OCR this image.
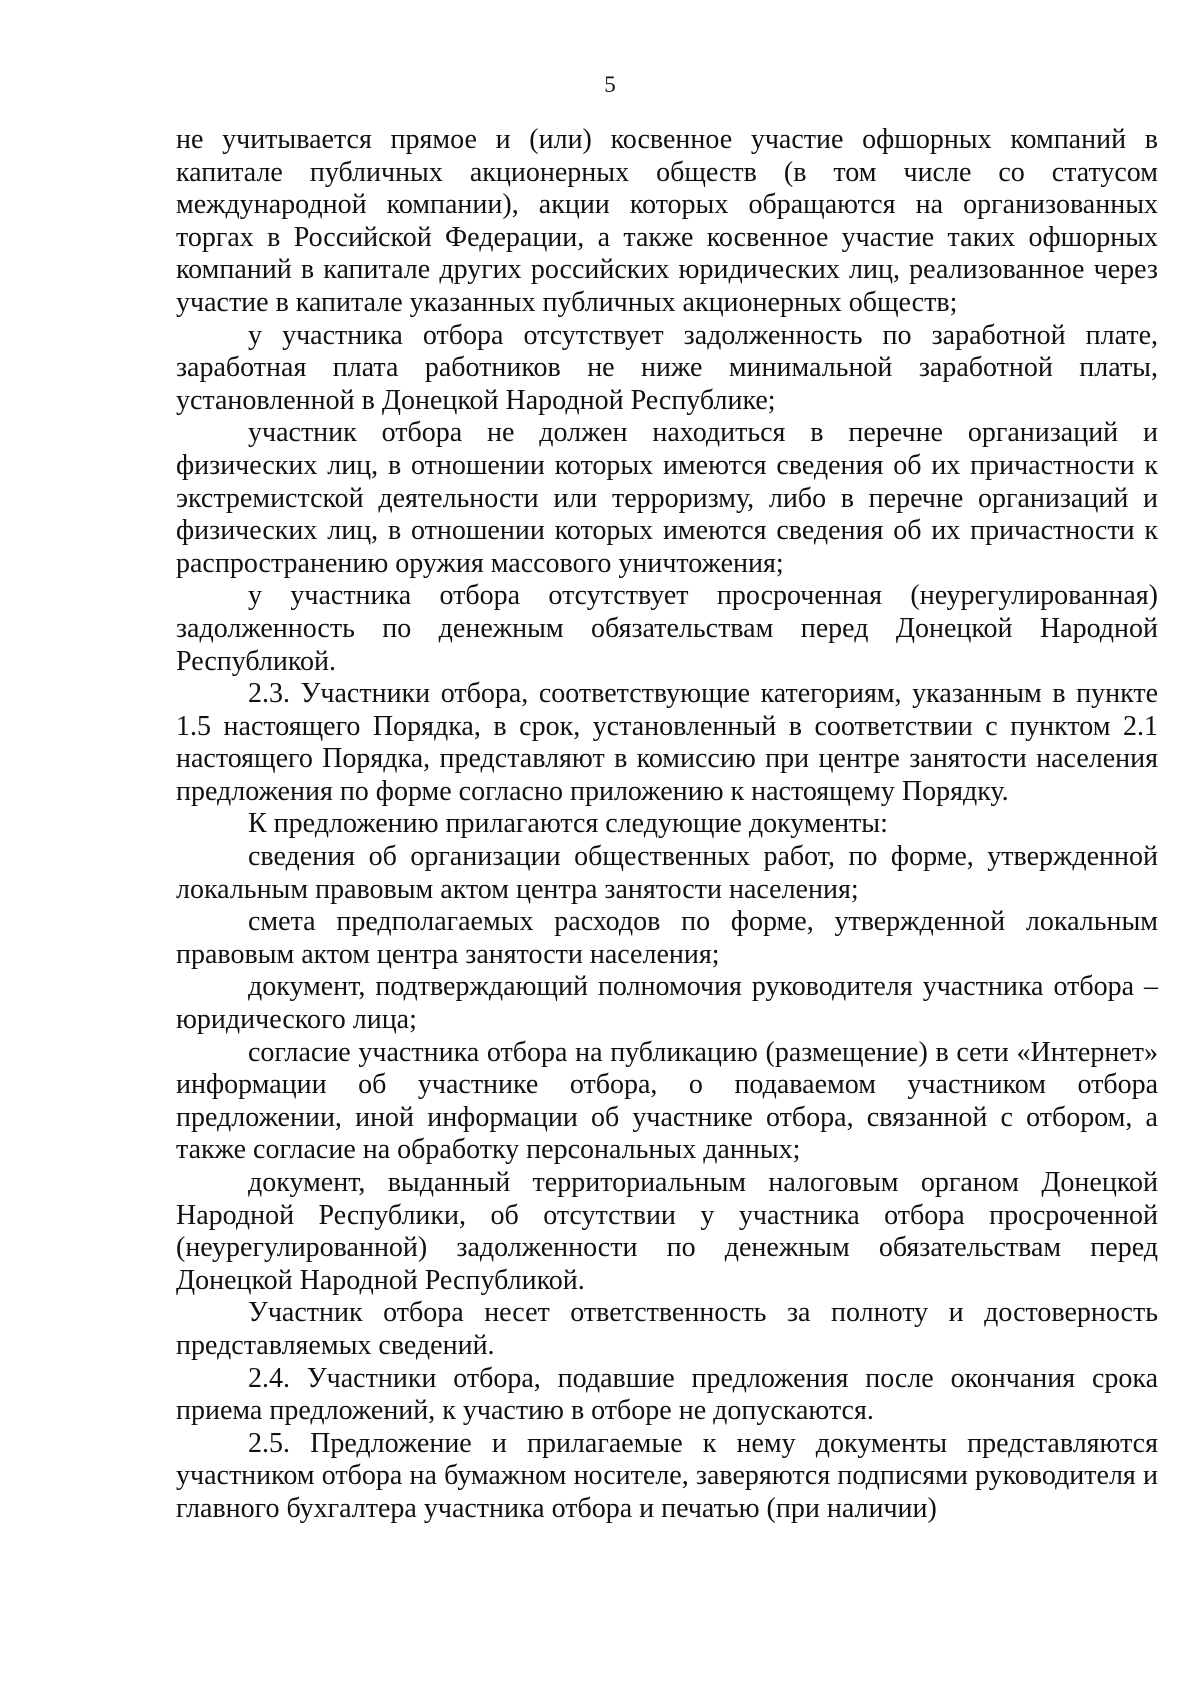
5

не учитывается прямое и (или) косвенное участие офшорных компаний в капитале публичных акционерных обществ (в том числе со статусом международной компании), акции которых обращаются на организованных торгах в Российской Федерации, а также косвенное участие таких офшорных компаний в капитале других российских юридических лиц, реализованное через участие в капитале указанных публичных акционерных обществ;

у участника отбора отсутствует задолженность по заработной плате, заработная плата работников не ниже минимальной заработной платы, установленной в Донецкой Народной Республике;

участник отбора не должен находиться в перечне организаций и физических лиц, в отношении которых имеются сведения об их причастности к экстремистской деятельности или терроризму, либо в перечне организаций и физических лиц, в отношении которых имеются сведения об их причастности к распространению оружия массового уничтожения;

у участника отбора отсутствует просроченная (неурегулированная) задолженность по денежным обязательствам перед Донецкой Народной Республикой.

2.3. Участники отбора, соответствующие категориям, указанным в пункте 1.5 настоящего Порядка, в срок, установленный в соответствии с пунктом 2.1 настоящего Порядка, представляют в комиссию при центре занятости населения предложения по форме согласно приложению к настоящему Порядку.

К предложению прилагаются следующие документы:

сведения об организации общественных работ, по форме, утвержденной локальным правовым актом центра занятости населения;

смета предполагаемых расходов по форме, утвержденной локальным правовым актом центра занятости населения;

документ, подтверждающий полномочия руководителя участника отбора – юридического лица;

согласие участника отбора на публикацию (размещение) в сети «Интернет» информации об участнике отбора, о подаваемом участником отбора предложении, иной информации об участнике отбора, связанной с отбором, а также согласие на обработку персональных данных;

документ, выданный территориальным налоговым органом Донецкой Народной Республики, об отсутствии у участника отбора просроченной (неурегулированной) задолженности по денежным обязательствам перед Донецкой Народной Республикой.

Участник отбора несет ответственность за полноту и достоверность представляемых сведений.

2.4. Участники отбора, подавшие предложения после окончания срока приема предложений, к участию в отборе не допускаются.

2.5. Предложение и прилагаемые к нему документы представляются участником отбора на бумажном носителе, заверяются подписями руководителя и главного бухгалтера участника отбора и печатью (при наличии)
